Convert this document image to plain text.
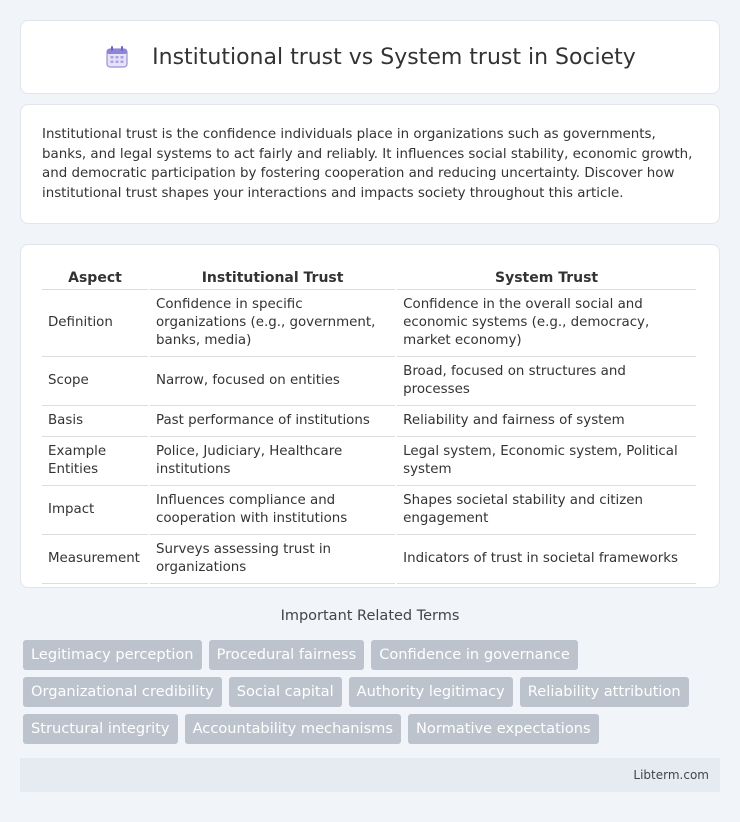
Institutional trust vs System trust in Society

Institutional trust is the confidence individuals place in organizations such as governments, banks, and legal systems to act fairly and reliably. It influences social stability, economic growth, and democratic participation by fostering cooperation and reducing uncertainty. Discover how institutional trust shapes your interactions and impacts society throughout this article.

Aspect	Institutional Trust	System Trust
Definition	Confidence in specific organizations (e.g., government, banks, media)	Confidence in the overall social and economic systems (e.g., democracy, market economy)
Scope	Narrow, focused on entities	Broad, focused on structures and processes
Basis	Past performance of institutions	Reliability and fairness of system
Example Entities	Police, Judiciary, Healthcare institutions	Legal system, Economic system, Political system
Impact	Influences compliance and cooperation with institutions	Shapes societal stability and citizen engagement
Measurement	Surveys assessing trust in organizations	Indicators of trust in societal frameworks
Important Related Terms
Legitimacy perception	Procedural fairness	Confidence in governance
Organizational credibility	Social capital	Authority legitimacy	Reliability attribution
Structural integrity	Accountability mechanisms	Normative expectations
Libterm.com
